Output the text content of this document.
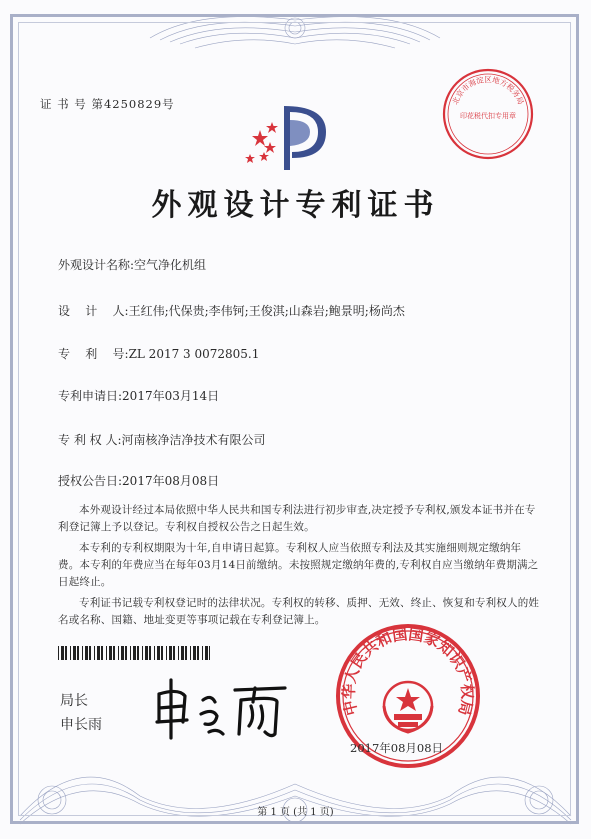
证 书 号 第4250829号	北京市海淀区地方税务局
印花税代扣专用章
外观设计专利证书
外观设计名称:空气净化机组
设    计    人:王红伟;代保贵;李伟钶;王俊淇;山森岩;鲍景明;杨尚杰
专    利    号:ZL 2017 3 0072805.1
专利申请日:2017年03月14日
专 利 权 人:河南核净洁净技术有限公司
授权公告日:2017年08月08日

本外观设计经过本局依照中华人民共和国专利法进行初步审查,决定授予专利权,颁发本证书并在专利登记簿上予以登记。专利权自授权公告之日起生效。

本专利的专利权期限为十年,自申请日起算。专利权人应当依照专利法及其实施细则规定缴纳年费。本专利的年费应当在每年03月14日前缴纳。未按照规定缴纳年费的,专利权自应当缴纳年费期满之日起终止。

专利证书记载专利权登记时的法律状况。专利权的转移、质押、无效、终止、恢复和专利权人的姓名或名称、国籍、地址变更等事项记载在专利登记簿上。

局长
申长雨
中华人民共和国国家知识产权局
2017年08月08日
第 1 页 (共 1 页)
